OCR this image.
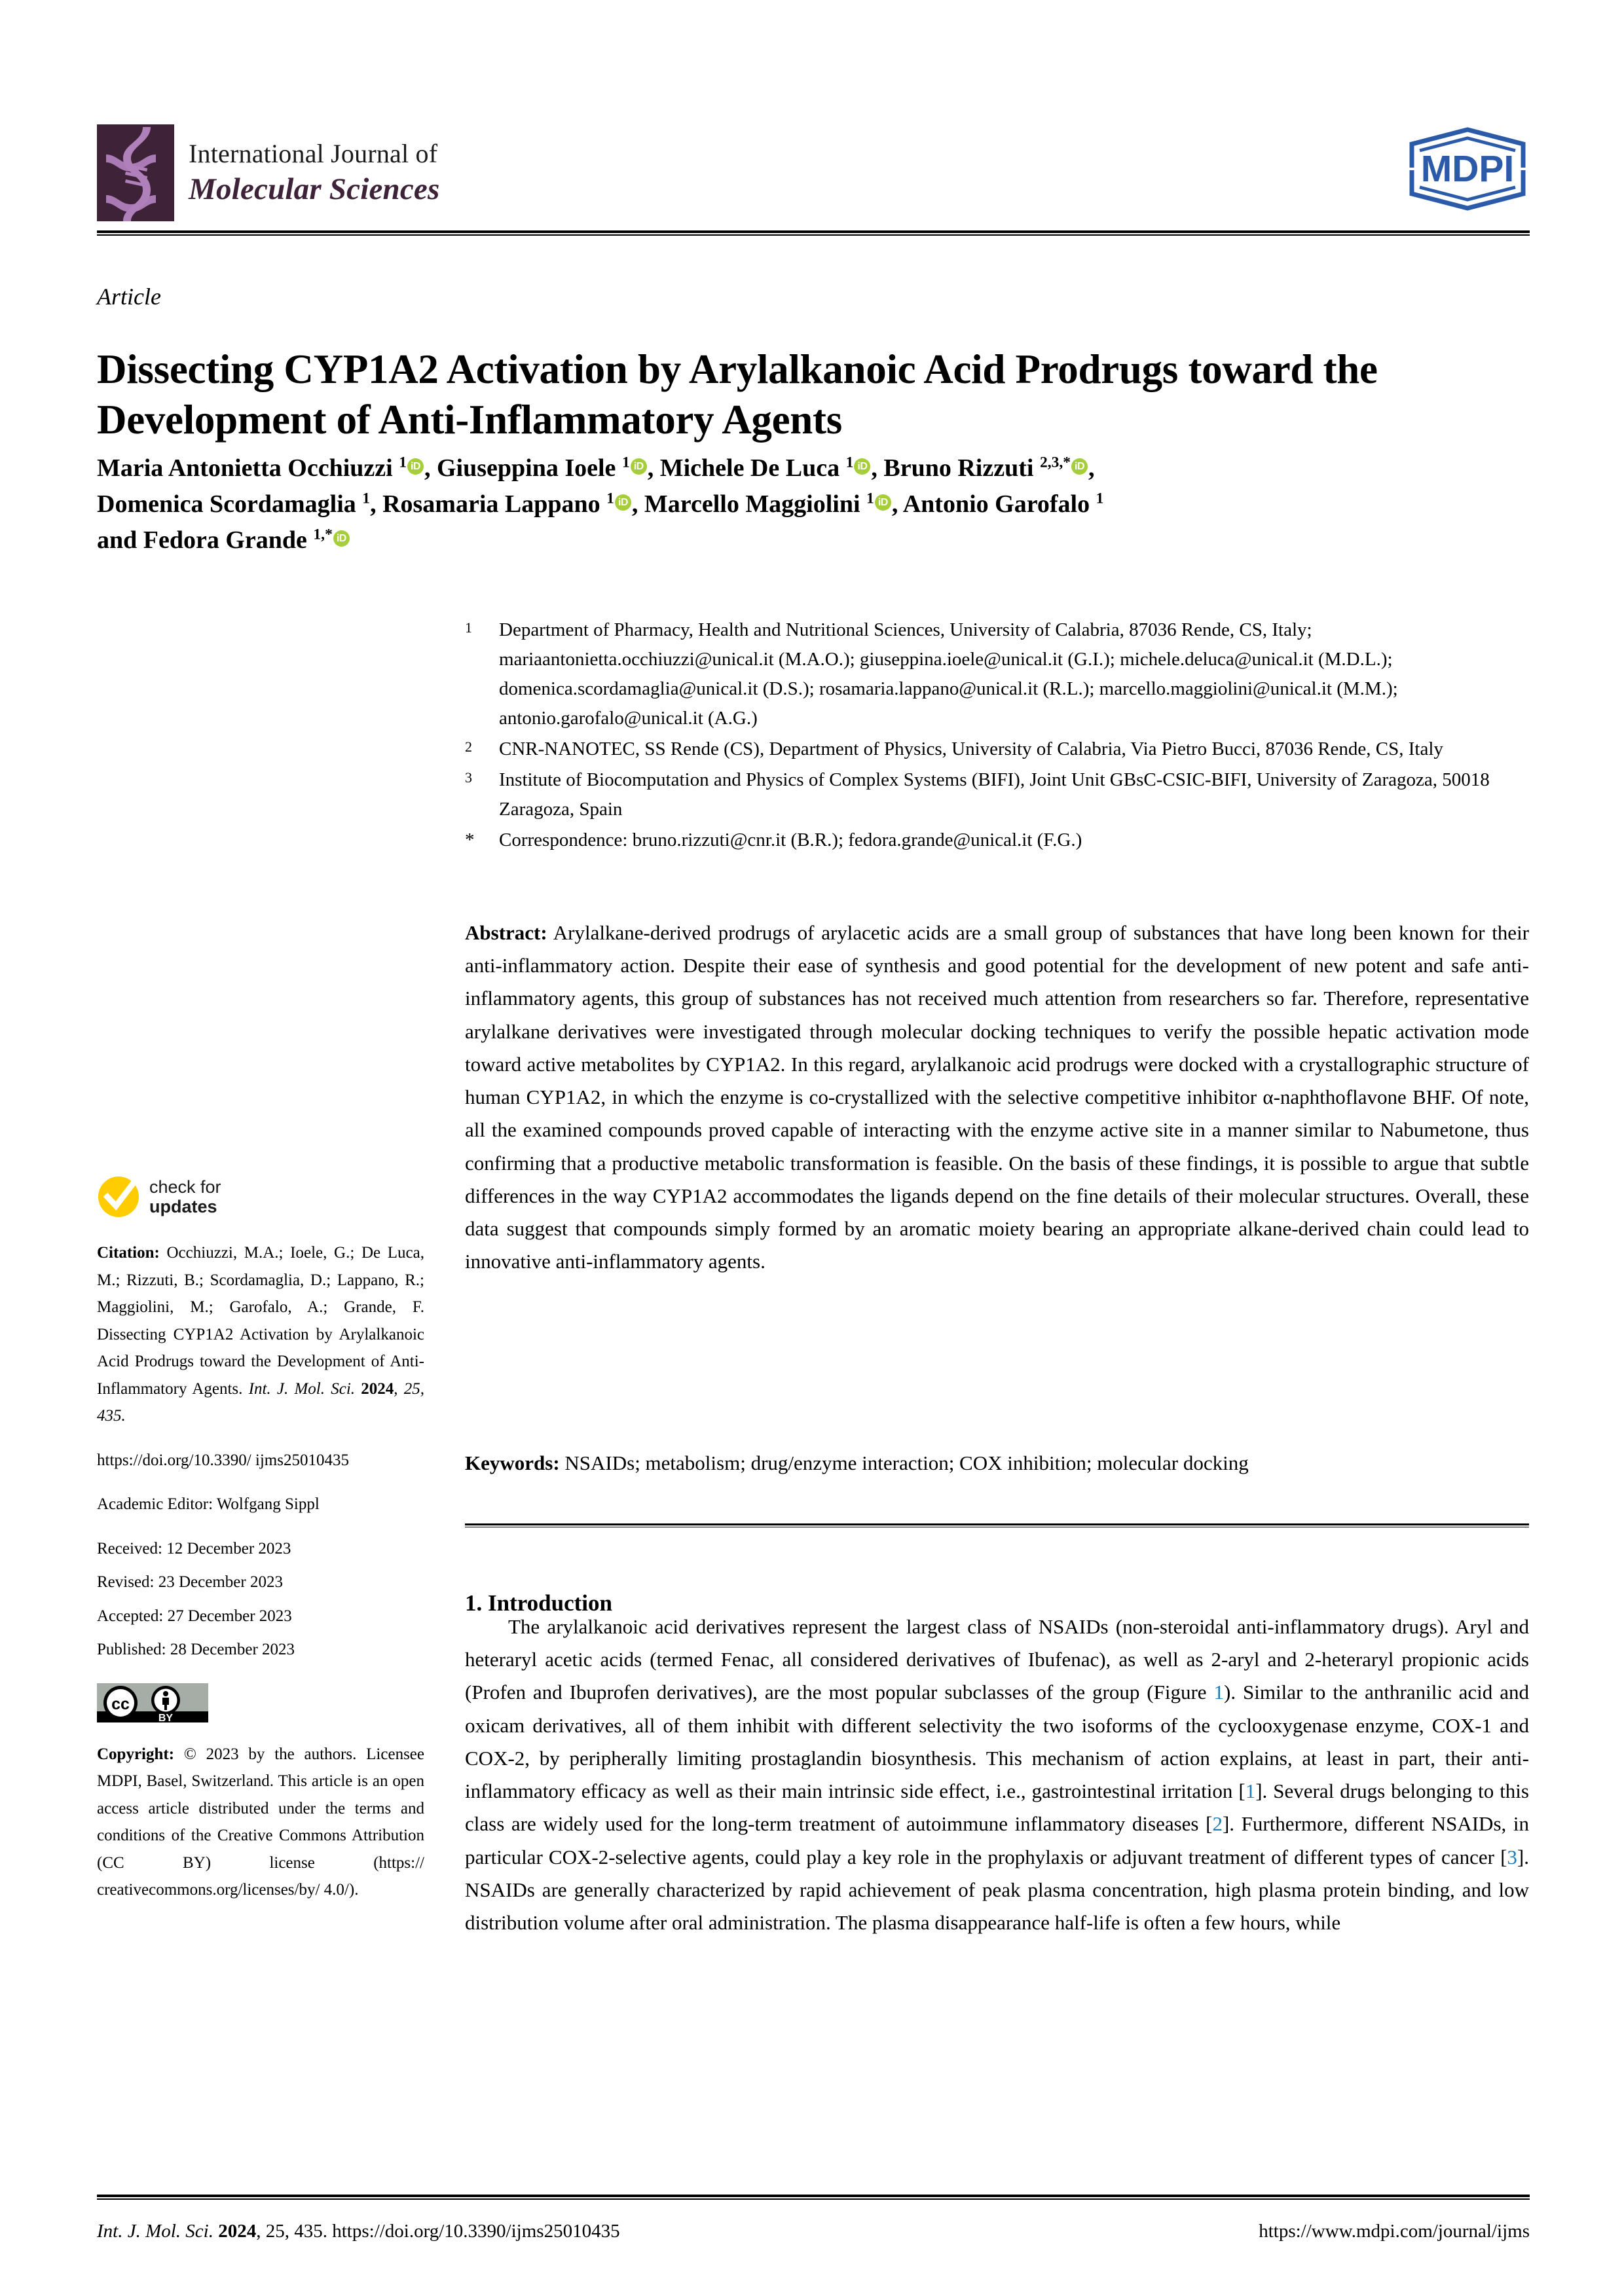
International Journal of
Molecular Sciences	MDPI
Article
Dissecting CYP1A2 Activation by Arylalkanoic Acid Prodrugs toward the Development of Anti-Inflammatory Agents
Maria Antonietta Occhiuzzi $^1$ iD , Giuseppina Ioele $^1$ iD , Michele De Luca $^1$ iD , Bruno Rizzuti $^{2,3,*}$ iD ,
Domenica Scordamaglia $^1$, Rosamaria Lappano $^1$ iD , Marcello Maggiolini $^1$ iD , Antonio Garofalo $^1$
and Fedora Grande $^{1,*}$ iD
1	Department of Pharmacy, Health and Nutritional Sciences, University of Calabria, 87036 Rende, CS, Italy; mariaantonietta.occhiuzzi@unical.it (M.A.O.); giuseppina.ioele@unical.it (G.I.); michele.deluca@unical.it (M.D.L.); domenica.scordamaglia@unical.it (D.S.); rosamaria.lappano@unical.it (R.L.); marcello.maggiolini@unical.it (M.M.); antonio.garofalo@unical.it (A.G.)
2	CNR-NANOTEC, SS Rende (CS), Department of Physics, University of Calabria, Via Pietro Bucci, 87036 Rende, CS, Italy
3	Institute of Biocomputation and Physics of Complex Systems (BIFI), Joint Unit GBsC-CSIC-BIFI, University of Zaragoza, 50018 Zaragoza, Spain
*	Correspondence: bruno.rizzuti@cnr.it (B.R.); fedora.grande@unical.it (F.G.)
Abstract: Arylalkane-derived prodrugs of arylacetic acids are a small group of substances that have long been known for their anti-inflammatory action. Despite their ease of synthesis and good potential for the development of new potent and safe anti-inflammatory agents, this group of substances has not received much attention from researchers so far. Therefore, representative arylalkane derivatives were investigated through molecular docking techniques to verify the possible hepatic activation mode toward active metabolites by CYP1A2. In this regard, arylalkanoic acid prodrugs were docked with a crystallographic structure of human CYP1A2, in which the enzyme is co-crystallized with the selective competitive inhibitor α-naphthoflavone BHF. Of note, all the examined compounds proved capable of interacting with the enzyme active site in a manner similar to Nabumetone, thus confirming that a productive metabolic transformation is feasible. On the basis of these findings, it is possible to argue that subtle differences in the way CYP1A2 accommodates the ligands depend on the fine details of their molecular structures. Overall, these data suggest that compounds simply formed by an aromatic moiety bearing an appropriate alkane-derived chain could lead to innovative anti-inflammatory agents.
Keywords: NSAIDs; metabolism; drug/enzyme interaction; COX inhibition; molecular docking
1. Introduction
The arylalkanoic acid derivatives represent the largest class of NSAIDs (non-steroidal anti-inflammatory drugs). Aryl and heteraryl acetic acids (termed Fenac, all considered derivatives of Ibufenac), as well as 2-aryl and 2-heteraryl propionic acids (Profen and Ibuprofen derivatives), are the most popular subclasses of the group (Figure 1). Similar to the anthranilic acid and oxicam derivatives, all of them inhibit with different selectivity the two isoforms of the cyclooxygenase enzyme, COX-1 and COX-2, by peripherally limiting prostaglandin biosynthesis. This mechanism of action explains, at least in part, their anti-inflammatory efficacy as well as their main intrinsic side effect, i.e., gastrointestinal irritation [1]. Several drugs belonging to this class are widely used for the long-term treatment of autoimmune inflammatory diseases [2]. Furthermore, different NSAIDs, in particular COX-2-selective agents, could play a key role in the prophylaxis or adjuvant treatment of different types of cancer [3]. NSAIDs are generally characterized by rapid achievement of peak plasma concentration, high plasma protein binding, and low distribution volume after oral administration. The plasma disappearance half-life is often a few hours, while
check for
updates
Citation: Occhiuzzi, M.A.; Ioele, G.; De Luca, M.; Rizzuti, B.; Scordamaglia, D.; Lappano, R.; Maggiolini, M.; Garofalo, A.; Grande, F. Dissecting CYP1A2 Activation by Arylalkanoic Acid Prodrugs toward the Development of Anti-Inflammatory Agents. Int. J. Mol. Sci. 2024, 25, 435.
https://doi.org/10.3390/ ijms25010435
Academic Editor: Wolfgang Sippl
Received: 12 December 2023
Revised: 23 December 2023
Accepted: 27 December 2023
Published: 28 December 2023
cc
BY
Copyright: © 2023 by the authors. Licensee MDPI, Basel, Switzerland. This article is an open access article distributed under the terms and conditions of the Creative Commons Attribution (CC BY) license (https:// creativecommons.org/licenses/by/ 4.0/).
Int. J. Mol. Sci. 2024, 25, 435. https://doi.org/10.3390/ijms25010435	https://www.mdpi.com/journal/ijms
